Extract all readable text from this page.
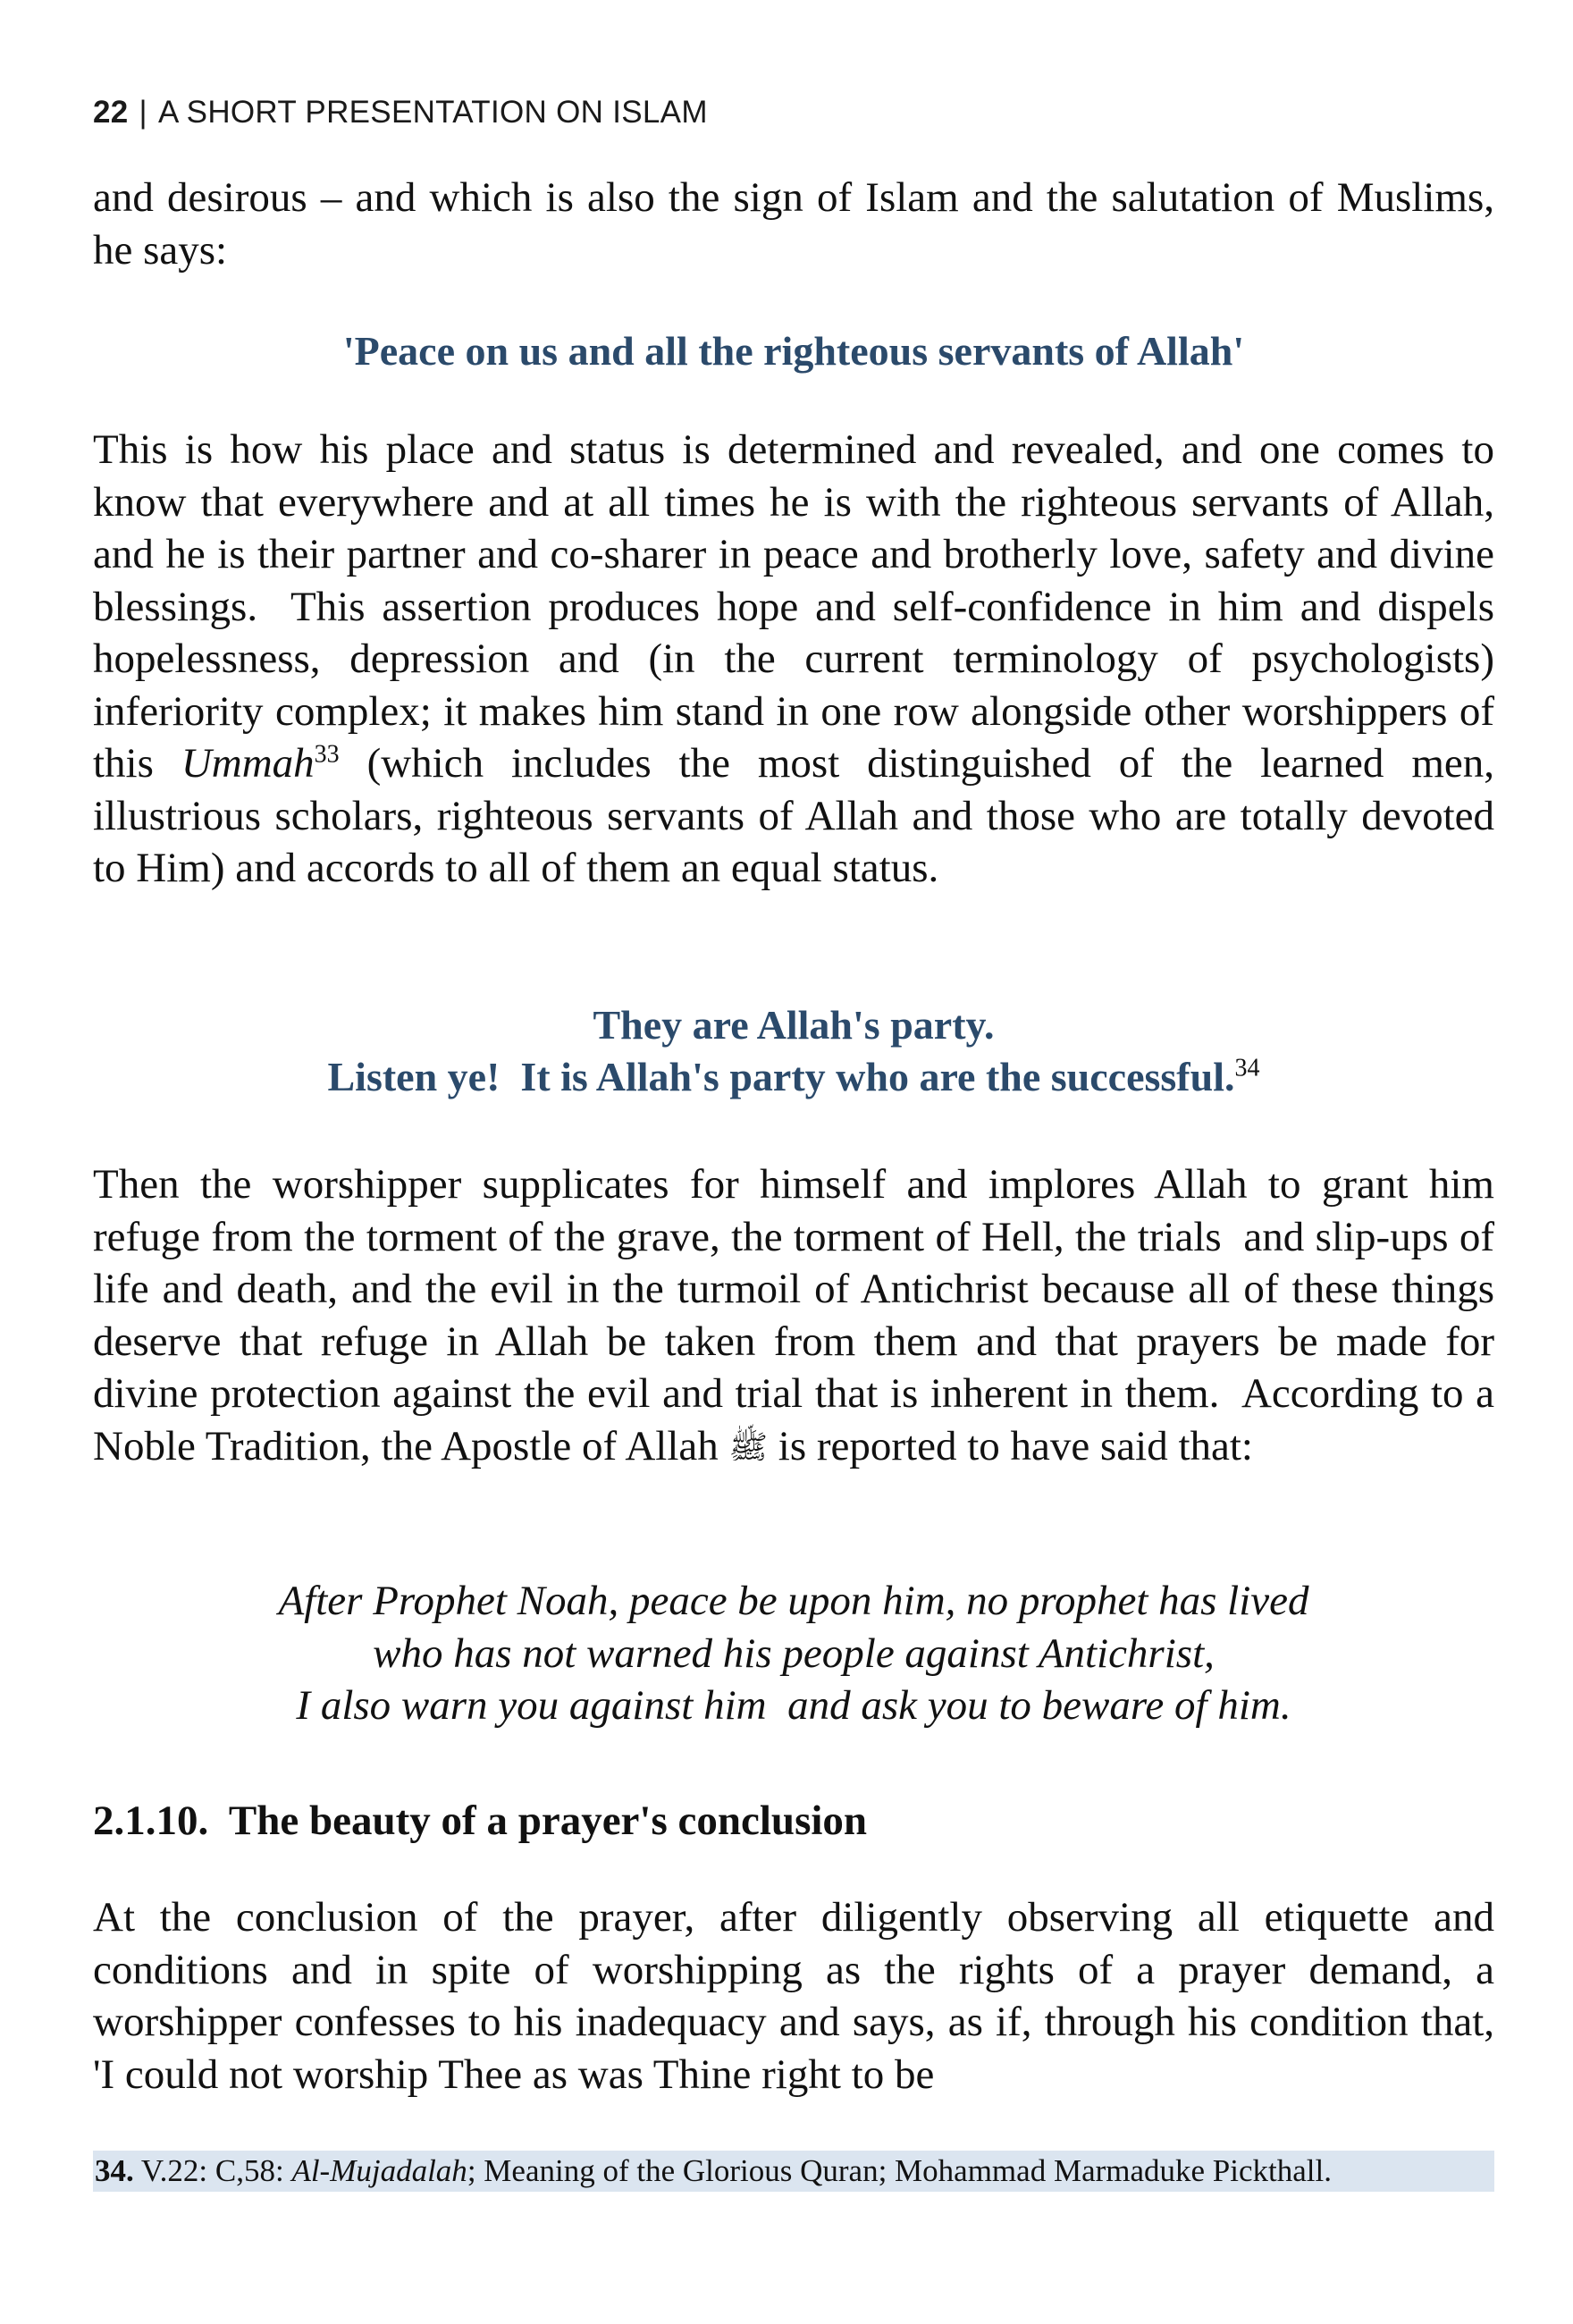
22 | A SHORT PRESENTATION ON ISLAM

and desirous – and which is also the sign of Islam and the salutation of Muslims, he says:

'Peace on us and all the righteous servants of Allah'

This is how his place and status is determined and revealed, and one comes to know that everywhere and at all times he is with the righteous servants of Allah, and he is their partner and co-sharer in peace and brotherly love, safety and divine blessings.  This assertion produces hope and self-confidence in him and dispels hopelessness, depression and (in the current terminology of psychologists) inferiority complex; it makes him stand in one row alongside other worshippers of this Ummah$^{33}$ (which includes the most distinguished of the learned men, illustrious scholars, righteous servants of Allah and those who are totally devoted to Him) and accords to all of them an equal status.

They are Allah's party.
Listen ye!  It is Allah's party who are the successful.$^{34}$

Then the worshipper supplicates for himself and implores Allah to grant him refuge from the torment of the grave, the torment of Hell, the trials  and slip-ups of life and death, and the evil in the turmoil of Antichrist because all of these things deserve that refuge in Allah be taken from them and that prayers be made for divine protection against the evil and trial that is inherent in them.  According to a Noble Tradition, the Apostle of Allah ﷺ is reported to have said that:

After Prophet Noah, peace be upon him, no prophet has lived
who has not warned his people against Antichrist,
I also warn you against him  and ask you to beware of him.
2.1.10.  The beauty of a prayer's conclusion

At the conclusion of the prayer, after diligently observing all etiquette and conditions and in spite of worshipping as the rights of a prayer demand, a worshipper confesses to his inadequacy and says, as if, through his condition that, 'I could not worship Thee as was Thine right to be

34. V.22: C,58: Al-Mujadalah; Meaning of the Glorious Quran; Mohammad Marmaduke Pickthall.
